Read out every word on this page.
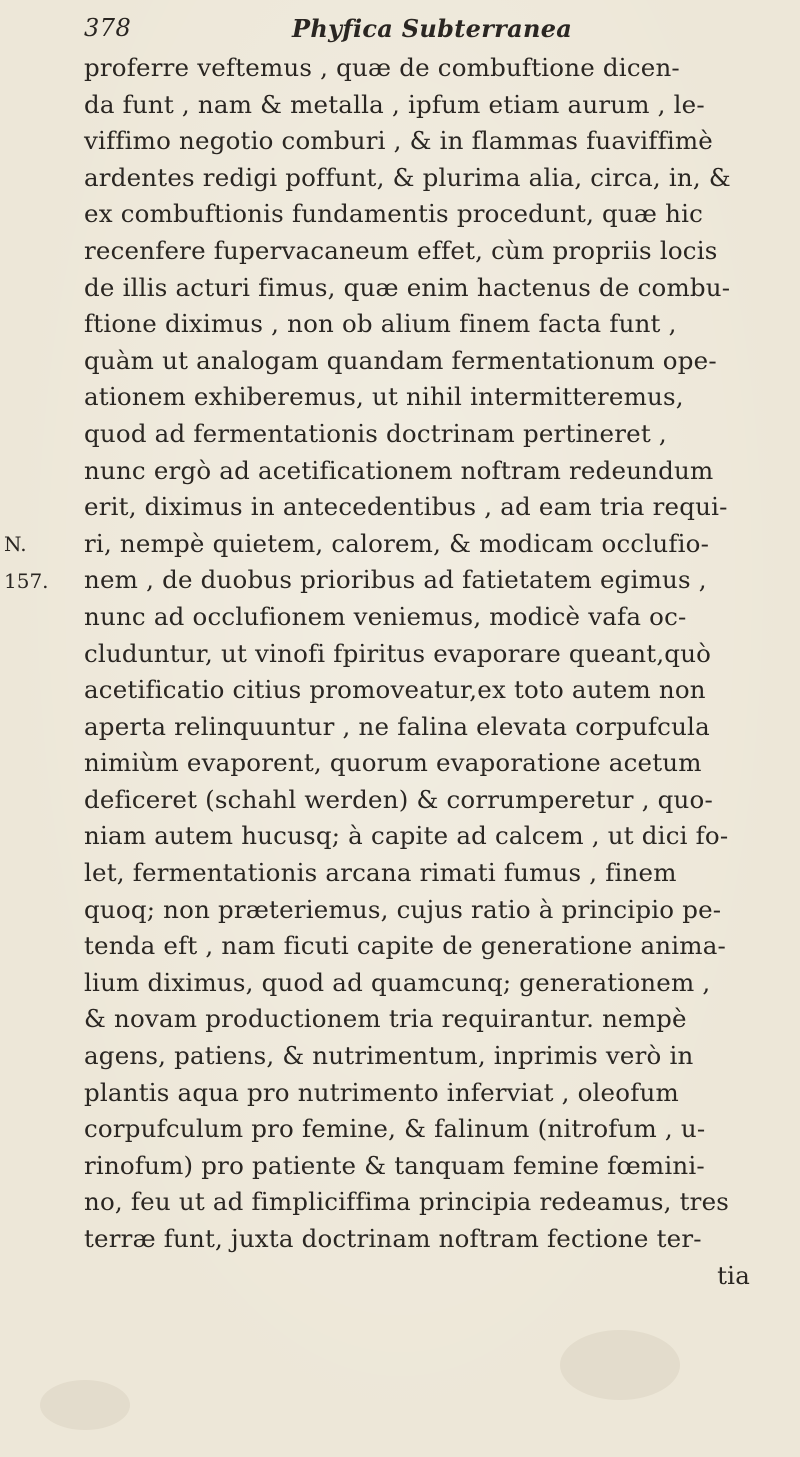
378	Phyfica Subterranea
N.
157.
proferre veftemus , quæ de combuftione dicen-
da funt , nam & metalla , ipfum etiam aurum , le-
viffimo negotio comburi , & in flammas fuaviffimè
ardentes redigi poffunt, & plurima alia, circa, in, &
ex combuftionis fundamentis procedunt, quæ hic
recenfere fupervacaneum effet, cùm propriis locis
de illis acturi fimus, quæ enim hactenus de combu-
ftione diximus , non ob alium finem facta funt ,
quàm ut analogam quandam fermentationum ope-
ationem exhiberemus, ut nihil intermitteremus,
quod ad fermentationis doctrinam pertineret ,
nunc ergò ad acetificationem noftram redeundum
erit, diximus in antecedentibus , ad eam tria requi-
ri, nempè quietem, calorem, & modicam occlufio-
nem , de duobus prioribus ad fatietatem egimus ,
nunc ad occlufionem veniemus, modicè vafa oc-
cluduntur, ut vinofi fpiritus evaporare queant,quò
acetificatio citius promoveatur,ex toto autem non
aperta relinquuntur , ne falina elevata corpufcula
nimiùm evaporent, quorum evaporatione acetum
deficeret (schahl werden) & corrumperetur , quo-
niam autem hucusq; à capite ad calcem , ut dici fo-
let, fermentationis arcana rimati fumus , finem
quoq; non præteriemus, cujus ratio à principio pe-
tenda eft , nam ficuti capite de generatione anima-
lium diximus, quod ad quamcunq; generationem ,
& novam productionem tria requirantur. nempè
agens, patiens, & nutrimentum, inprimis verò in
plantis aqua pro nutrimento inferviat , oleofum
corpufculum pro femine, & falinum (nitrofum , u-
rinofum) pro patiente & tanquam femine fœmini-
no, feu ut ad fimpliciffima principia redeamus, tres
terræ funt, juxta doctrinam noftram fectione ter-
tia
